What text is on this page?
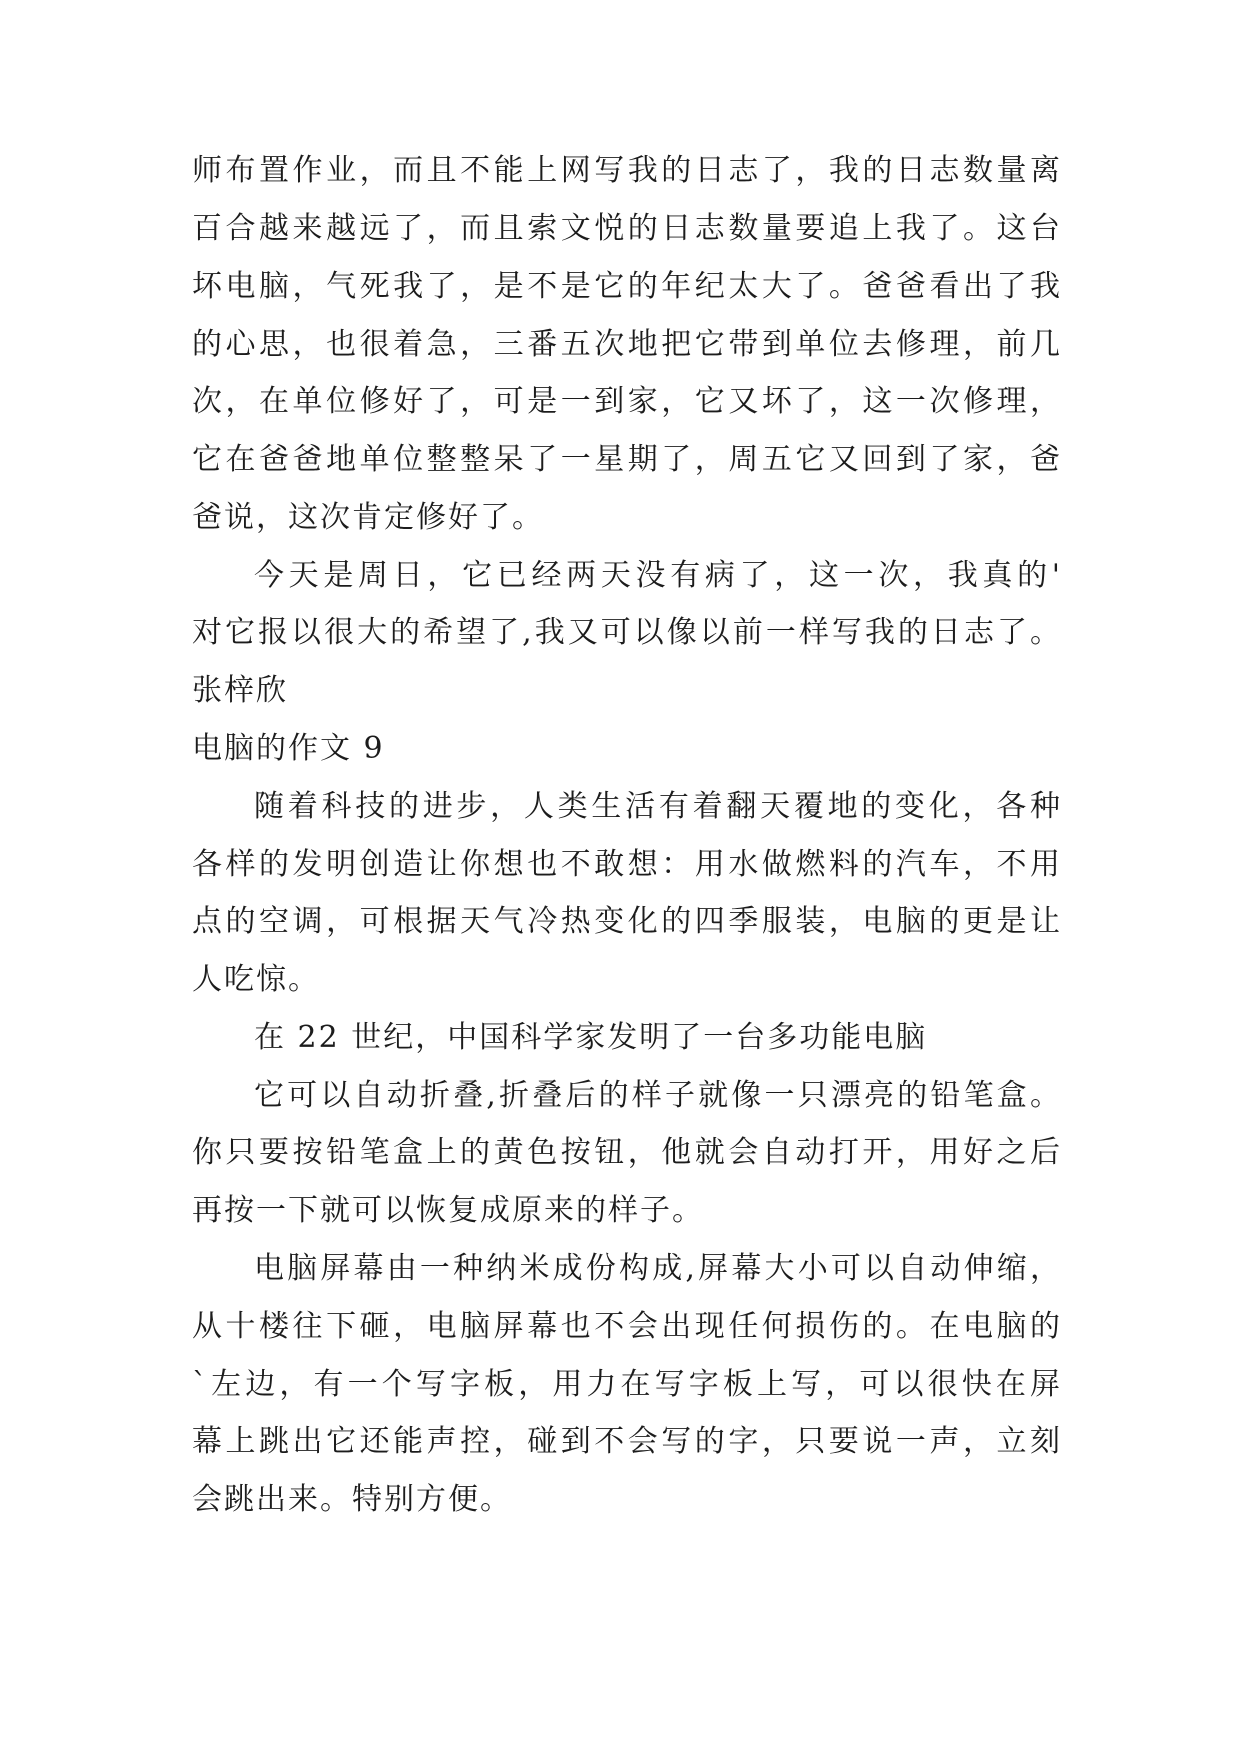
师布置作业，而且不能上网写我的日志了，我的日志数量离
百合越来越远了，而且索文悦的日志数量要追上我了。这台
坏电脑，气死我了，是不是它的年纪太大了。爸爸看出了我
的心思，也很着急，三番五次地把它带到单位去修理，前几
次，在单位修好了，可是一到家，它又坏了，这一次修理，
它在爸爸地单位整整呆了一星期了，周五它又回到了家，爸
爸说，这次肯定修好了。
今天是周日，它已经两天没有病了，这一次，我真的'
对它报以很大的希望了,我又可以像以前一样写我的日志了。
张梓欣
电脑的作文 9
随着科技的进步，人类生活有着翻天覆地的变化，各种
各样的发明创造让你想也不敢想：用水做燃料的汽车，不用
点的空调，可根据天气冷热变化的四季服装，电脑的更是让
人吃惊。
在 22 世纪，中国科学家发明了一台多功能电脑
它可以自动折叠,折叠后的样子就像一只漂亮的铅笔盒。
你只要按铅笔盒上的黄色按钮，他就会自动打开，用好之后
再按一下就可以恢复成原来的样子。
电脑屏幕由一种纳米成份构成,屏幕大小可以自动伸缩，
从十楼往下砸，电脑屏幕也不会出现任何损伤的。在电脑的
`左边，有一个写字板，用力在写字板上写，可以很快在屏
幕上跳出它还能声控，碰到不会写的字，只要说一声，立刻
会跳出来。特别方便。
